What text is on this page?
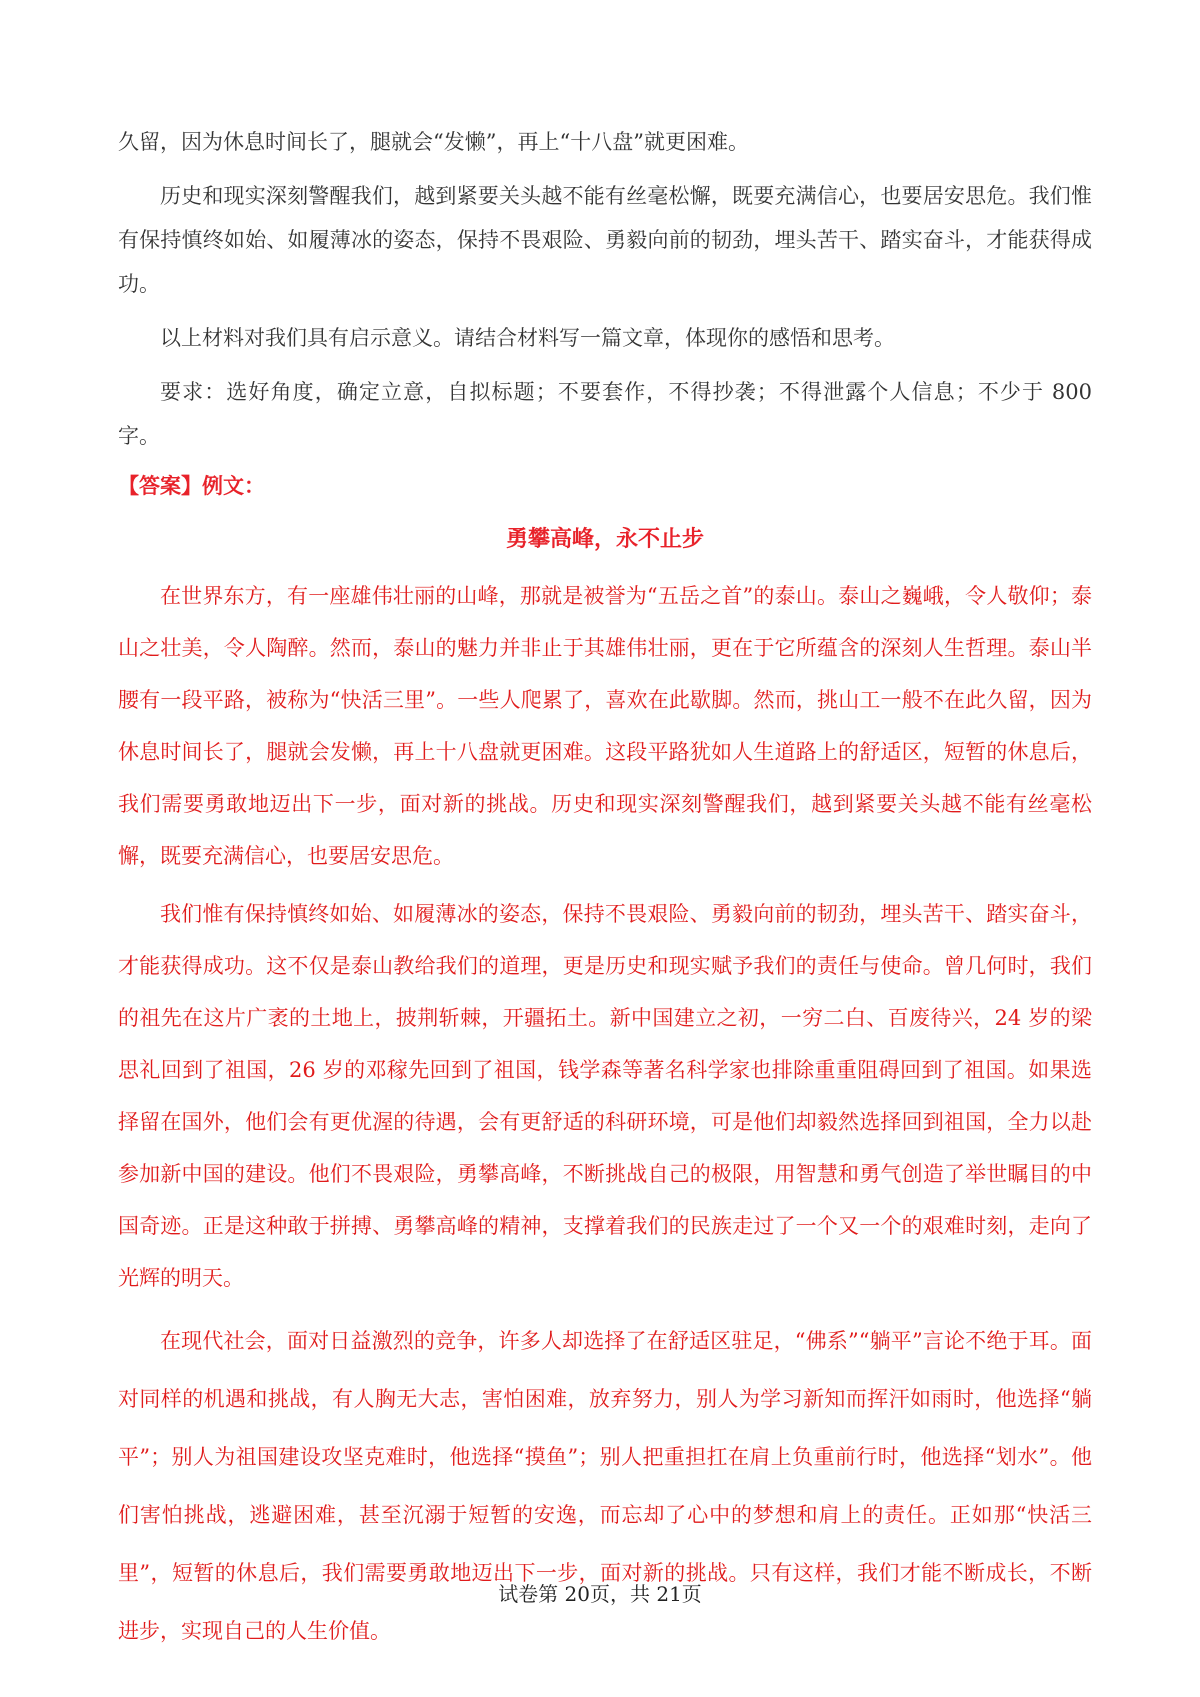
久留，因为休息时间长了，腿就会“发懒”，再上“十八盘”就更困难。

历史和现实深刻警醒我们，越到紧要关头越不能有丝毫松懈，既要充满信心，也要居安思危。我们惟有保持慎终如始、如履薄冰的姿态，保持不畏艰险、勇毅向前的韧劲，埋头苦干、踏实奋斗，才能获得成功。

以上材料对我们具有启示意义。请结合材料写一篇文章，体现你的感悟和思考。

要求：选好角度，确定立意，自拟标题；不要套作，不得抄袭；不得泄露个人信息；不少于 800 字。

【答案】例文：

勇攀高峰，永不止步

在世界东方，有一座雄伟壮丽的山峰，那就是被誉为“五岳之首”的泰山。泰山之巍峨，令人敬仰；泰山之壮美，令人陶醉。然而，泰山的魅力并非止于其雄伟壮丽，更在于它所蕴含的深刻人生哲理。泰山半腰有一段平路，被称为“快活三里”。一些人爬累了，喜欢在此歇脚。然而，挑山工一般不在此久留，因为休息时间长了，腿就会发懒，再上十八盘就更困难。这段平路犹如人生道路上的舒适区，短暂的休息后，我们需要勇敢地迈出下一步，面对新的挑战。历史和现实深刻警醒我们，越到紧要关头越不能有丝毫松懈，既要充满信心，也要居安思危。

我们惟有保持慎终如始、如履薄冰的姿态，保持不畏艰险、勇毅向前的韧劲，埋头苦干、踏实奋斗，才能获得成功。这不仅是泰山教给我们的道理，更是历史和现实赋予我们的责任与使命。曾几何时，我们的祖先在这片广袤的土地上，披荆斩棘，开疆拓土。新中国建立之初，一穷二白、百废待兴，24 岁的梁思礼回到了祖国，26 岁的邓稼先回到了祖国，钱学森等著名科学家也排除重重阻碍回到了祖国。如果选择留在国外，他们会有更优渥的待遇，会有更舒适的科研环境，可是他们却毅然选择回到祖国，全力以赴参加新中国的建设。他们不畏艰险，勇攀高峰，不断挑战自己的极限，用智慧和勇气创造了举世瞩目的中国奇迹。正是这种敢于拼搏、勇攀高峰的精神，支撑着我们的民族走过了一个又一个的艰难时刻，走向了光辉的明天。

在现代社会，面对日益激烈的竞争，许多人却选择了在舒适区驻足，“佛系”“躺平”言论不绝于耳。面对同样的机遇和挑战，有人胸无大志，害怕困难，放弃努力，别人为学习新知而挥汗如雨时，他选择“躺平”；别人为祖国建设攻坚克难时，他选择“摸鱼”；别人把重担扛在肩上负重前行时，他选择“划水”。他们害怕挑战，逃避困难，甚至沉溺于短暂的安逸，而忘却了心中的梦想和肩上的责任。正如那“快活三里”，短暂的休息后，我们需要勇敢地迈出下一步，面对新的挑战。只有这样，我们才能不断成长，不断进步，实现自己的人生价值。

试卷第 20页，共 21页
